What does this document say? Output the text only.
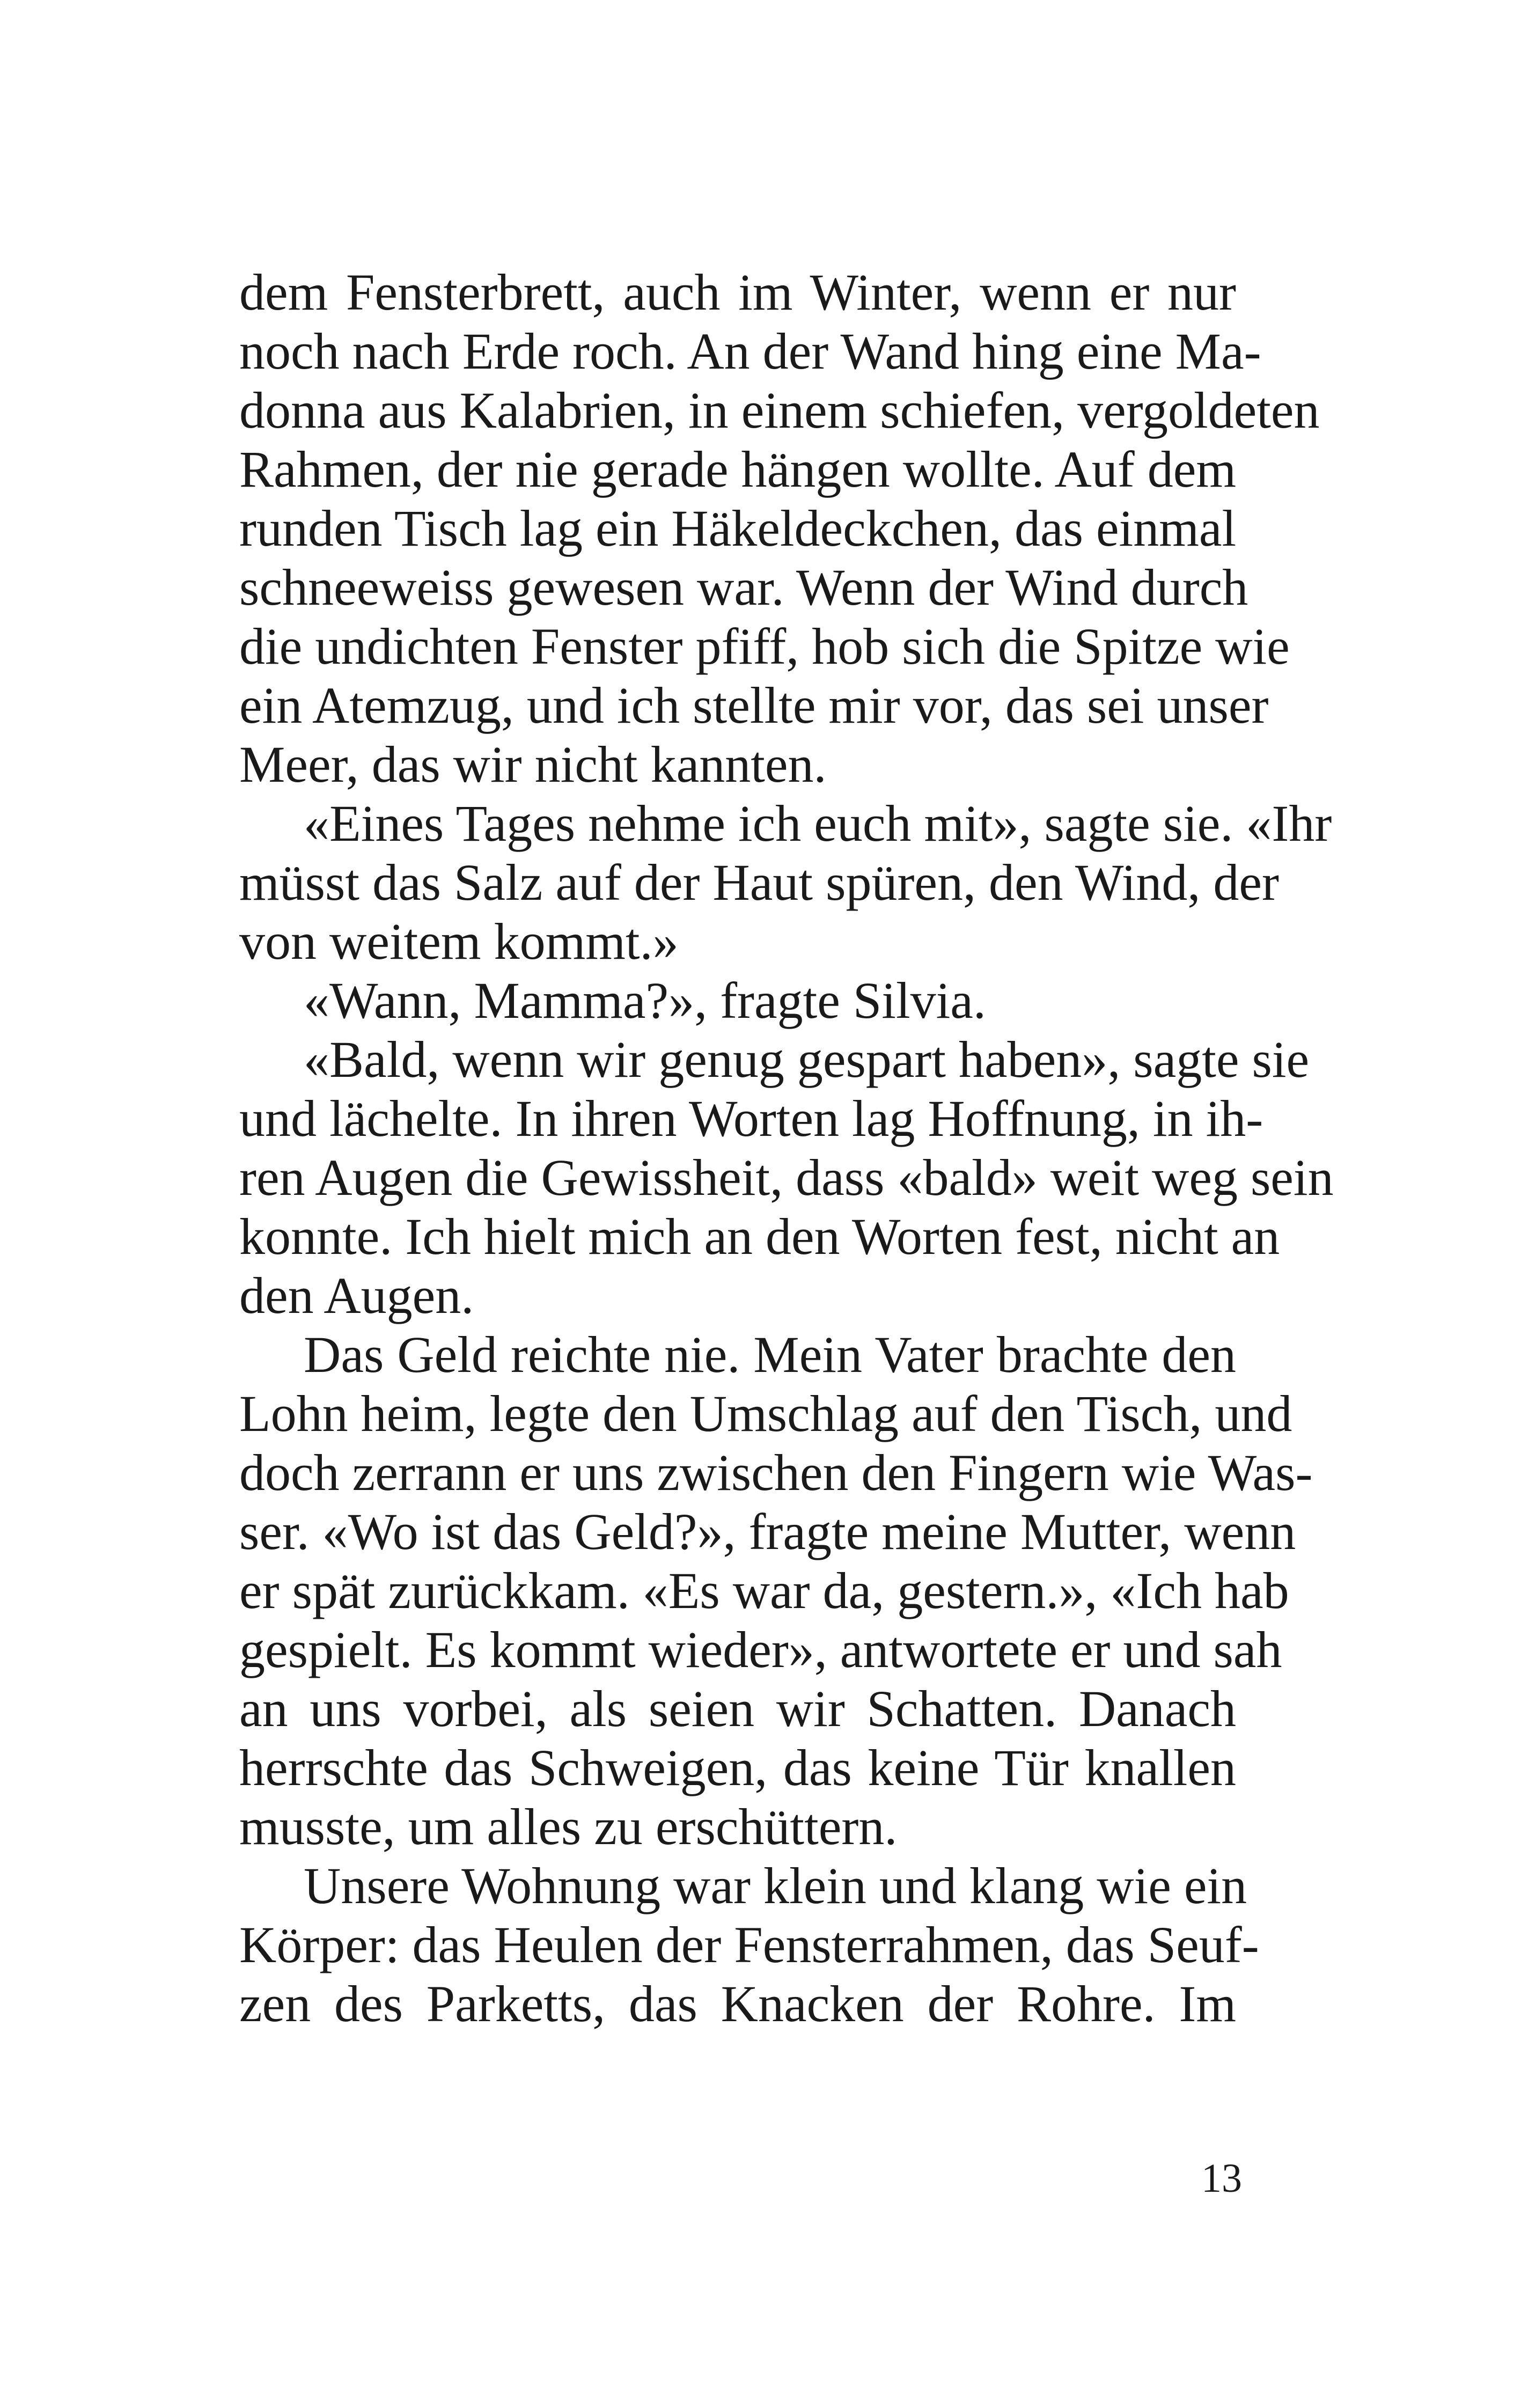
dem Fensterbrett, auch im Winter, wenn er nur
noch nach Erde roch. An der Wand hing eine Ma-
donna aus Kalabrien, in einem schiefen, vergoldeten
Rahmen, der nie gerade hängen wollte. Auf dem
runden Tisch lag ein Häkeldeckchen, das einmal
schneeweiss gewesen war. Wenn der Wind durch
die undichten Fenster pfiff, hob sich die Spitze wie
ein Atemzug, und ich stellte mir vor, das sei unser
Meer, das wir nicht kannten.
«Eines Tages nehme ich euch mit», sagte sie. «Ihr
müsst das Salz auf der Haut spüren, den Wind, der
von weitem kommt.»
«Wann, Mamma?», fragte Silvia.
«Bald, wenn wir genug gespart haben», sagte sie
und lächelte. In ihren Worten lag Hoffnung, in ih-
ren Augen die Gewissheit, dass «bald» weit weg sein
konnte. Ich hielt mich an den Worten fest, nicht an
den Augen.
Das Geld reichte nie. Mein Vater brachte den
Lohn heim, legte den Umschlag auf den Tisch, und
doch zerrann er uns zwischen den Fingern wie Was-
ser. «Wo ist das Geld?», fragte meine Mutter, wenn
er spät zurückkam. «Es war da, gestern.», «Ich hab
gespielt. Es kommt wieder», antwortete er und sah
an uns vorbei, als seien wir Schatten. Danach
herrschte das Schweigen, das keine Tür knallen
musste, um alles zu erschüttern.
Unsere Wohnung war klein und klang wie ein
Körper: das Heulen der Fensterrahmen, das Seuf-
zen des Parketts, das Knacken der Rohre. Im
13
